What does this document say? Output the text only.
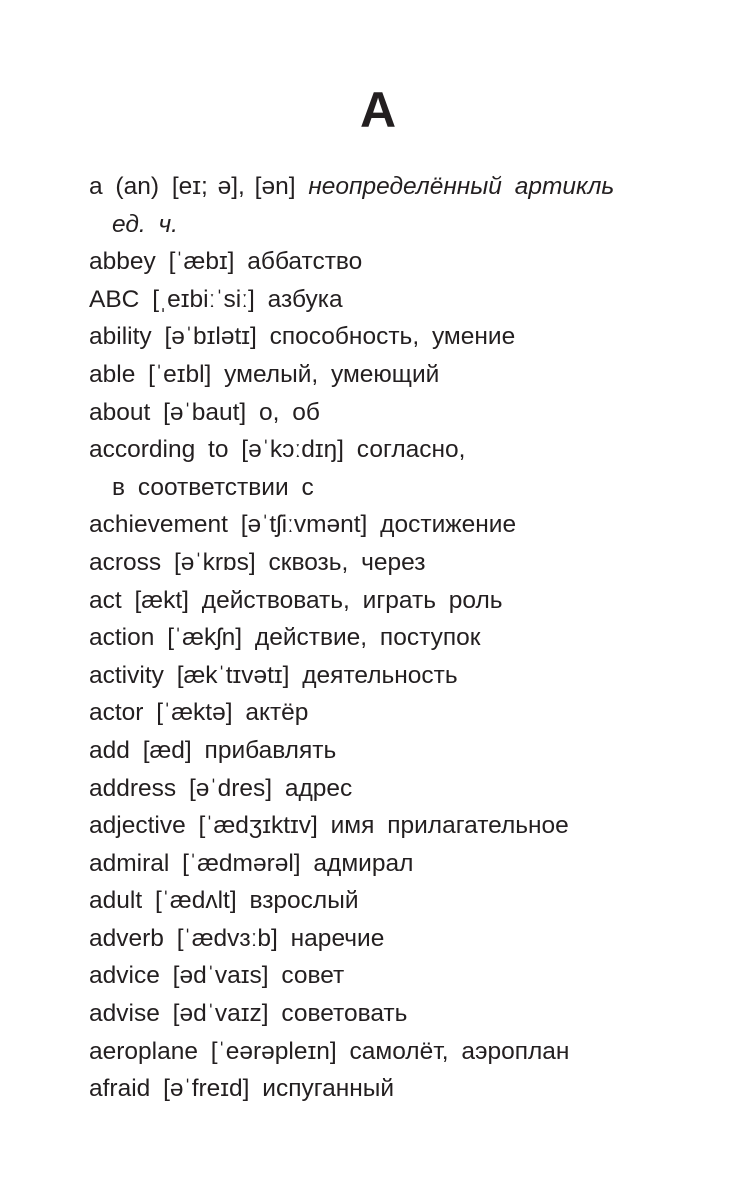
A
a (an) [eɪ; ə], [ən] неопределённый артикль
ед. ч.
abbey [ˈæbɪ] аббатство
ABC [ˌeɪbiːˈsiː] азбука
ability [əˈbɪlətɪ] способность, умение
able [ˈeɪbl] умелый, умеющий
about [əˈbaut] о, об
according to [əˈkɔːdɪŋ] согласно,
в соответствии с
achievement [əˈtʃiːvmənt] достижение
across [əˈkrɒs] сквозь, через
act [ækt] действовать, играть роль
action [ˈækʃn] действие, поступок
activity [ækˈtɪvətɪ] деятельность
actor [ˈæktə] актёр
add [æd] прибавлять
address [əˈdres] адрес
adjective [ˈædʒɪktɪv] имя прилагательное
admiral [ˈædmərəl] адмирал
adult [ˈædʌlt] взрослый
adverb [ˈædvɜːb] наречие
advice [ədˈvaɪs] совет
advise [ədˈvaɪz] советовать
aeroplane [ˈeərəpleɪn] самолёт, аэроплан
afraid [əˈfreɪd] испуганный
